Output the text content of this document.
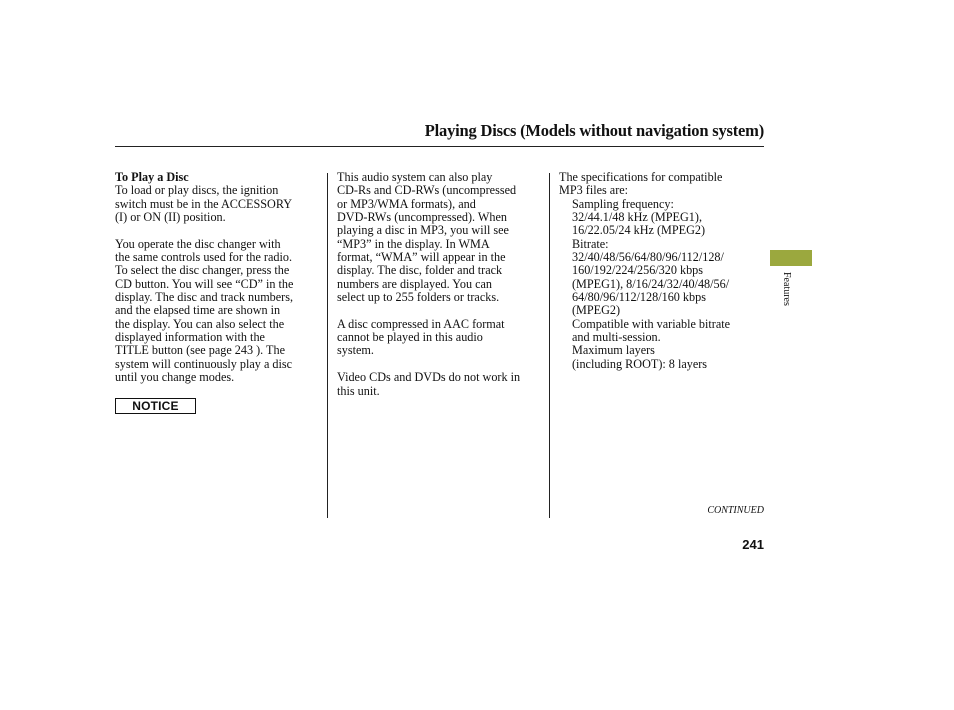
Playing Discs (Models without navigation system)

To Play a Disc
To load or play discs, the ignition
switch must be in the ACCESSORY
(I) or ON (II) position.

You operate the disc changer with
the same controls used for the radio.
To select the disc changer, press the
CD button. You will see “CD” in the
display. The disc and track numbers,
and the elapsed time are shown in
the display. You can also select the
displayed information with the
TITLE button (see page 243 ). The
system will continuously play a disc
until you change modes.

NOTICE

This audio system can also play
CD-Rs and CD-RWs (uncompressed
or MP3/WMA formats), and
DVD-RWs (uncompressed). When
playing a disc in MP3, you will see
“MP3” in the display. In WMA
format, “WMA” will appear in the
display. The disc, folder and track
numbers are displayed. You can
select up to 255 folders or tracks.

A disc compressed in AAC format
cannot be played in this audio
system.

Video CDs and DVDs do not work in
this unit.

The specifications for compatible
MP3 files are:

Sampling frequency:
32/44.1/48 kHz (MPEG1),
16/22.05/24 kHz (MPEG2)
Bitrate:
32/40/48/56/64/80/96/112/128/
160/192/224/256/320 kbps
(MPEG1), 8/16/24/32/40/48/56/
64/80/96/112/128/160 kbps
(MPEG2)
Compatible with variable bitrate
and multi-session.
Maximum layers
(including ROOT): 8 layers
Features
CONTINUED
241
